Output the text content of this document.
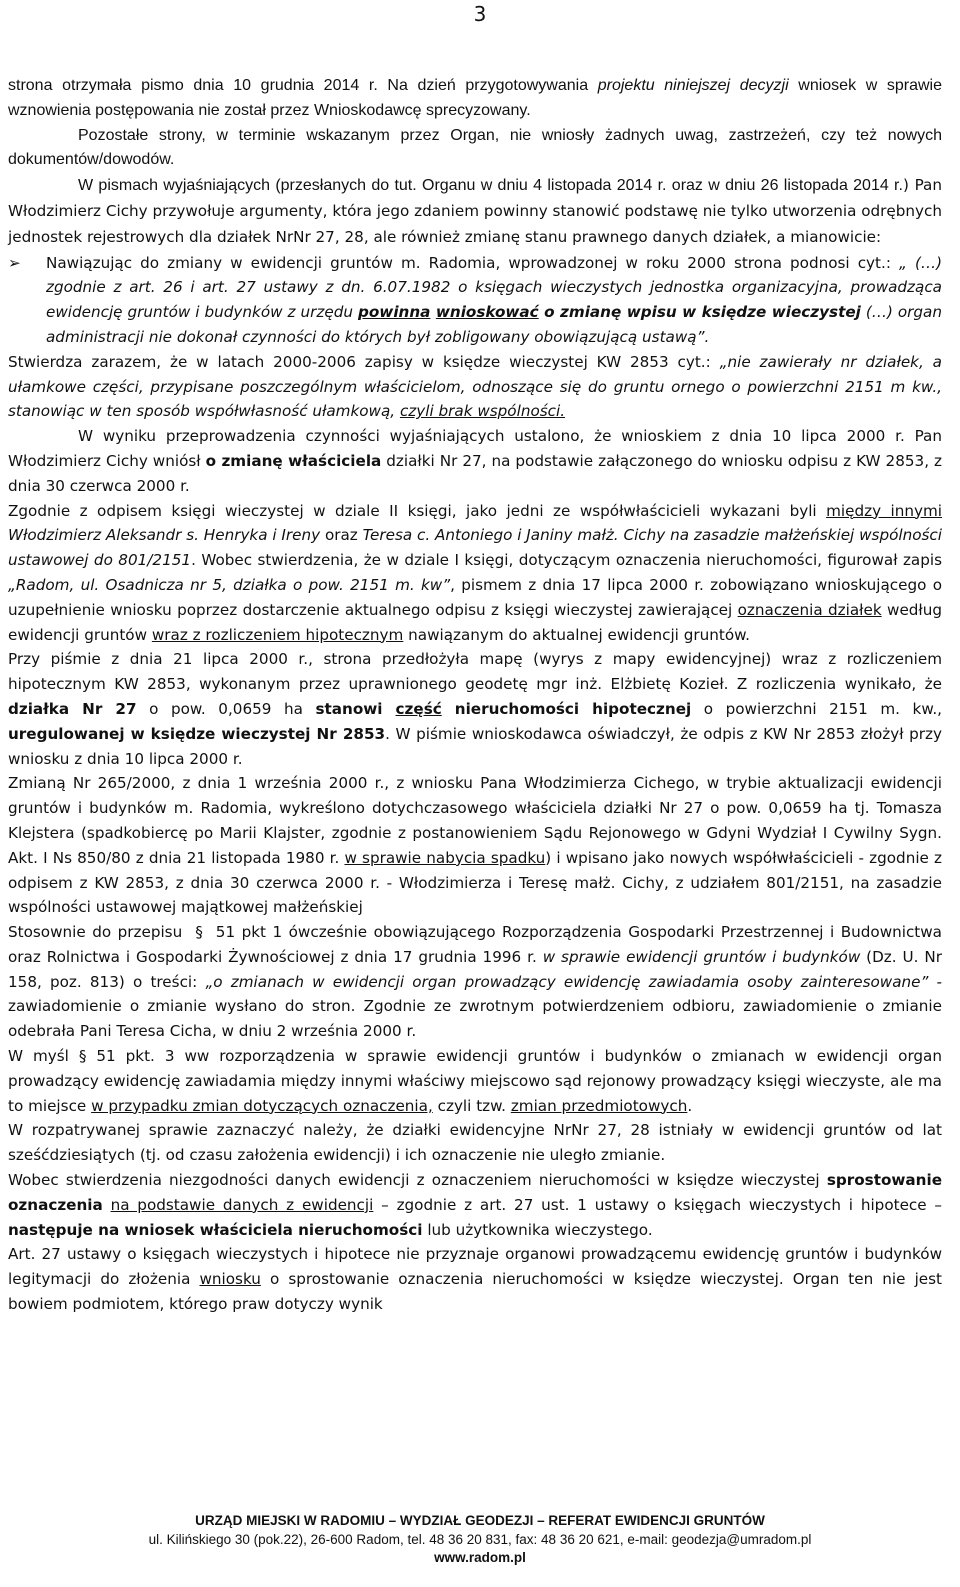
3

strona otrzymała pismo dnia 10 grudnia 2014 r. Na dzień przygotowywania projektu niniejszej decyzji wniosek w sprawie wznowienia postępowania nie został przez Wnioskodawcę sprecyzowany.

Pozostałe strony, w terminie wskazanym przez Organ, nie wniosły żadnych uwag, zastrzeżeń, czy też nowych dokumentów/dowodów.

W pismach wyjaśniających (przesłanych do tut. Organu w dniu 4 listopada 2014 r. oraz w dniu 26 listopada 2014 r.) Pan Włodzimierz Cichy przywołuje argumenty, która jego zdaniem powinny stanowić podstawę nie tylko utworzenia odrębnych jednostek rejestrowych dla działek NrNr 27, 28, ale również zmianę stanu prawnego danych działek, a mianowicie:

➢ Nawiązując do zmiany w ewidencji gruntów m. Radomia, wprowadzonej w roku 2000 strona podnosi cyt.: „ (…) zgodnie z art. 26 i art. 27 ustawy z dn. 6.07.1982 o księgach wieczystych jednostka organizacyjna, prowadząca ewidencję gruntów i budynków z urzędu powinna wnioskować o zmianę wpisu w księdze wieczystej (…) organ administracji nie dokonał czynności do których był zobligowany obowiązującą ustawą”.

Stwierdza zarazem, że w latach 2000-2006 zapisy w księdze wieczystej KW 2853 cyt.: „nie zawierały nr działek, a ułamkowe części, przypisane poszczególnym właścicielom, odnoszące się do gruntu ornego o powierzchni 2151 m kw., stanowiąc w ten sposób współwłasność ułamkową, czyli brak wspólności.

W wyniku przeprowadzenia czynności wyjaśniających ustalono, że wnioskiem z dnia 10 lipca 2000 r. Pan Włodzimierz Cichy wniósł o zmianę właściciela działki Nr 27, na podstawie załączonego do wniosku odpisu z KW 2853, z dnia 30 czerwca 2000 r.

Zgodnie z odpisem księgi wieczystej w dziale II księgi, jako jedni ze współwłaścicieli wykazani byli między innymi Włodzimierz Aleksandr s. Henryka i Ireny oraz Teresa c. Antoniego i Janiny małż. Cichy na zasadzie małżeńskiej wspólności ustawowej do 801/2151. Wobec stwierdzenia, że w dziale I księgi, dotyczącym oznaczenia nieruchomości, figurował zapis „Radom, ul. Osadnicza nr 5, działka o pow. 2151 m. kw”, pismem z dnia 17 lipca 2000 r. zobowiązano wnioskującego o uzupełnienie wniosku poprzez dostarczenie aktualnego odpisu z księgi wieczystej zawierającej oznaczenia działek według ewidencji gruntów wraz z rozliczeniem hipotecznym nawiązanym do aktualnej ewidencji gruntów.

Przy piśmie z dnia 21 lipca 2000 r., strona przedłożyła mapę (wyrys z mapy ewidencyjnej) wraz z rozliczeniem hipotecznym KW 2853, wykonanym przez uprawnionego geodetę mgr inż. Elżbietę Kozieł. Z rozliczenia wynikało, że działka Nr 27 o pow. 0,0659 ha stanowi część nieruchomości hipotecznej o powierzchni 2151 m. kw., uregulowanej w księdze wieczystej Nr 2853. W piśmie wnioskodawca oświadczył, że odpis z KW Nr 2853 złożył przy wniosku z dnia 10 lipca 2000 r.

Zmianą Nr 265/2000, z dnia 1 września 2000 r., z wniosku Pana Włodzimierza Cichego, w trybie aktualizacji ewidencji gruntów i budynków m. Radomia, wykreślono dotychczasowego właściciela działki Nr 27 o pow. 0,0659 ha tj. Tomasza Klejstera (spadkobiercę po Marii Klajster, zgodnie z postanowieniem Sądu Rejonowego w Gdyni Wydział I Cywilny Sygn. Akt. I Ns 850/80 z dnia 21 listopada 1980 r. w sprawie nabycia spadku) i wpisano jako nowych współwłaścicieli - zgodnie z odpisem z KW 2853, z dnia 30 czerwca 2000 r. - Włodzimierza i Teresę małż. Cichy, z udziałem 801/2151, na zasadzie wspólności ustawowej majątkowej małżeńskiej

Stosownie do przepisu  §  51 pkt 1 ówcześnie obowiązującego Rozporządzenia Gospodarki Przestrzennej i Budownictwa oraz Rolnictwa i Gospodarki Żywnościowej z dnia 17 grudnia 1996 r. w sprawie ewidencji gruntów i budynków (Dz. U. Nr 158, poz. 813) o treści: „o zmianach w ewidencji organ prowadzący ewidencję zawiadamia osoby zainteresowane” - zawiadomienie o zmianie wysłano do stron. Zgodnie ze zwrotnym potwierdzeniem odbioru, zawiadomienie o zmianie odebrała Pani Teresa Cicha, w dniu 2 września 2000 r.

W myśl § 51 pkt. 3 ww rozporządzenia w sprawie ewidencji gruntów i budynków o zmianach w ewidencji organ prowadzący ewidencję zawiadamia między innymi właściwy miejscowo sąd rejonowy prowadzący księgi wieczyste, ale ma to miejsce w przypadku zmian dotyczących oznaczenia, czyli tzw. zmian przedmiotowych.

W rozpatrywanej sprawie zaznaczyć należy, że działki ewidencyjne NrNr 27, 28 istniały w ewidencji gruntów od lat sześćdziesiątych (tj. od czasu założenia ewidencji) i ich oznaczenie nie uległo zmianie.

Wobec stwierdzenia niezgodności danych ewidencji z oznaczeniem nieruchomości w księdze wieczystej sprostowanie oznaczenia na podstawie danych z ewidencji – zgodnie z art. 27 ust. 1 ustawy o księgach wieczystych i hipotece – następuje na wniosek właściciela nieruchomości lub użytkownika wieczystego.

Art. 27 ustawy o księgach wieczystych i hipotece nie przyznaje organowi prowadzącemu ewidencję gruntów i budynków legitymacji do złożenia wniosku o sprostowanie oznaczenia nieruchomości w księdze wieczystej. Organ ten nie jest bowiem podmiotem, którego praw dotyczy wynik

URZĄD MIEJSKI W RADOMIU – WYDZIAŁ GEODEZJI – REFERAT EWIDENCJI GRUNTÓW
ul. Kilińskiego 30 (pok.22), 26-600 Radom, tel. 48 36 20 831, fax: 48 36 20 621, e-mail: geodezja@umradom.pl
www.radom.pl
